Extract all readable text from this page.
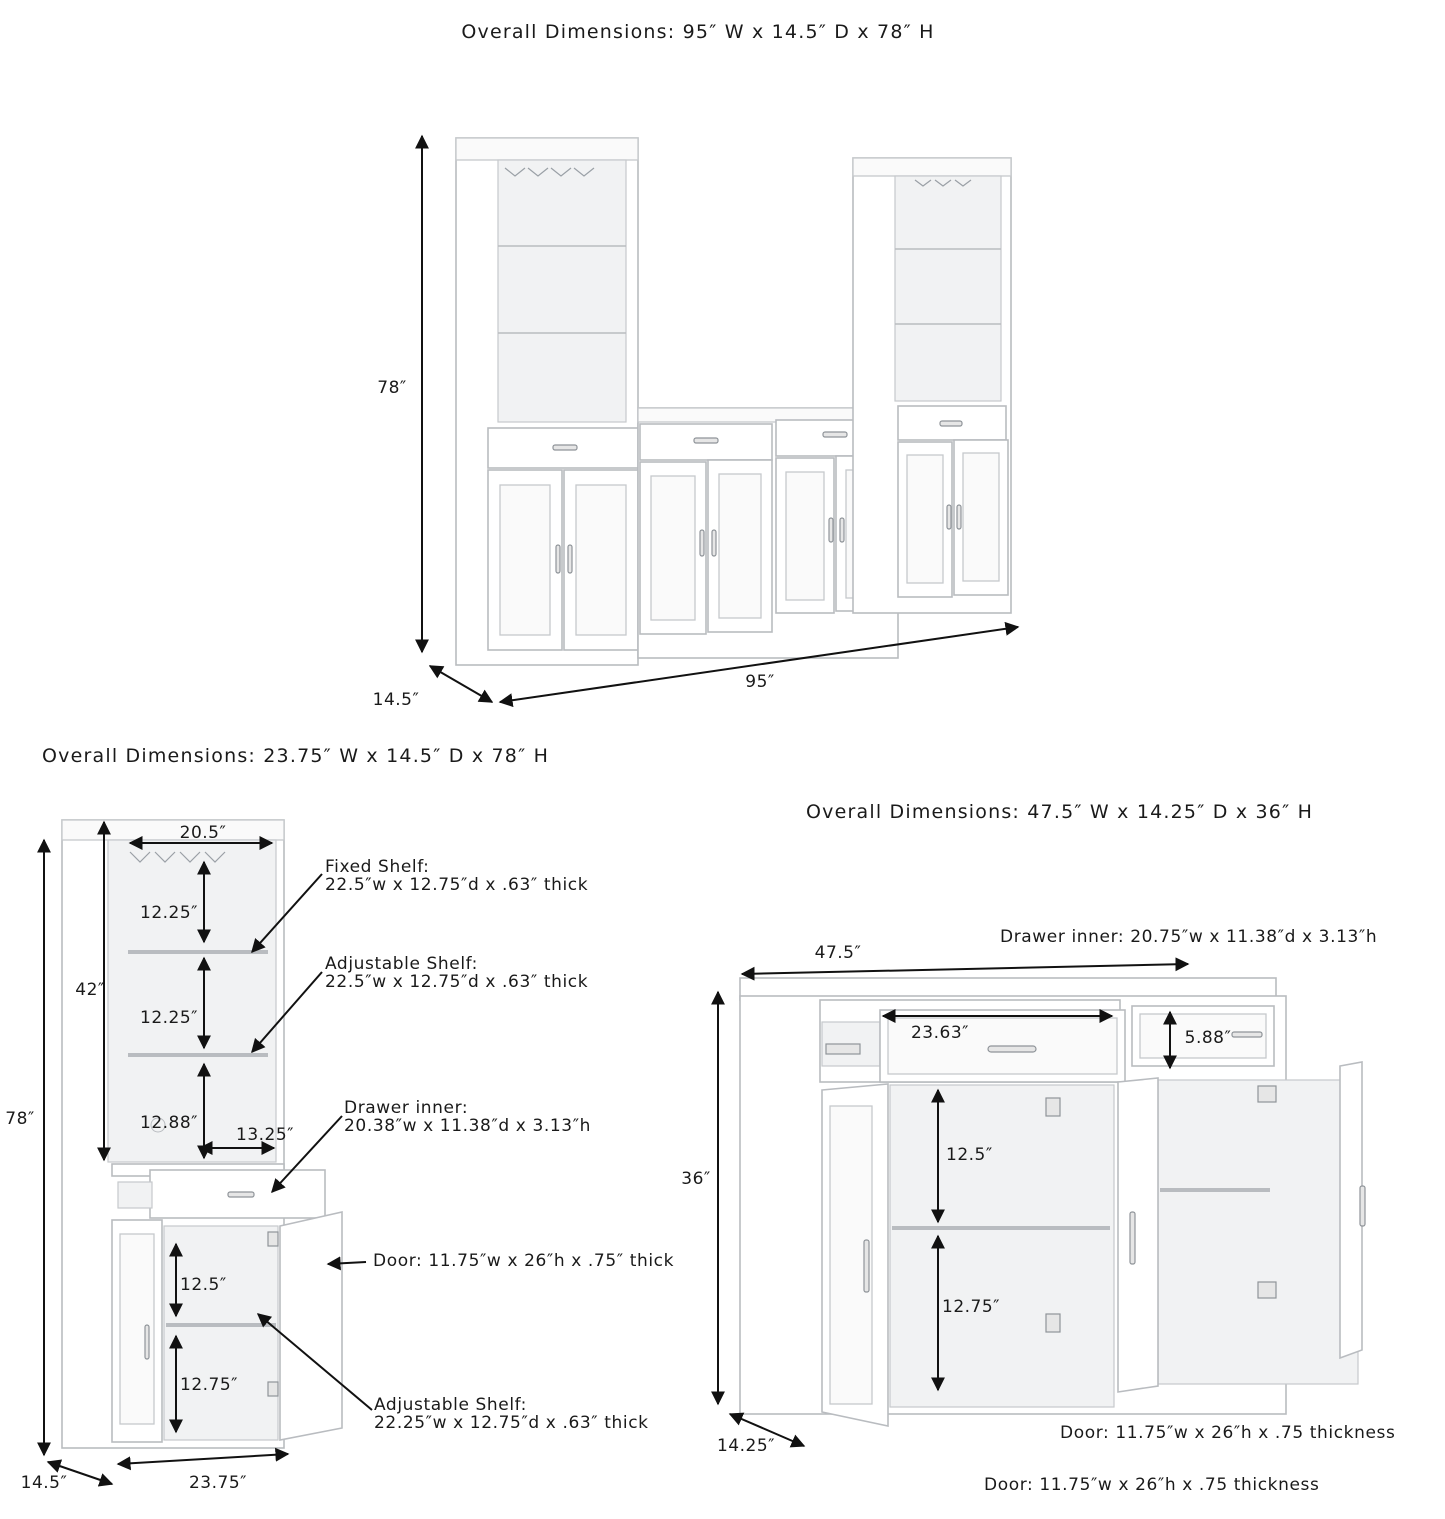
Overall Dimensions: 95″ W x 14.5″ D x 78″ H
78″
95″
14.5″
Overall Dimensions: 23.75″ W x 14.5″ D x 78″ H
20.5″
12.25″
12.25″
12.88″
42″
78″
13.25″
12.5″
12.75″
14.5″	23.75″
Fixed Shelf:
22.5″w x 12.75″d x .63″ thick
Adjustable Shelf:
22.5″w x 12.75″d x .63″ thick
Drawer inner:
20.38″w x 11.38″d x 3.13″h
Door: 11.75″w x 26″h x .75″ thick
Adjustable Shelf:
22.25″w x 12.75″d x .63″ thick
Overall Dimensions: 47.5″ W x 14.25″ D x 36″ H
Drawer inner: 20.75″w x 11.38″d x 3.13″h
47.5″
23.63″	5.88″
36″
12.5″
12.75″
14.25″
Door: 11.75″w x 26″h x .75 thickness
Door: 11.75″w x 26″h x .75 thickness
